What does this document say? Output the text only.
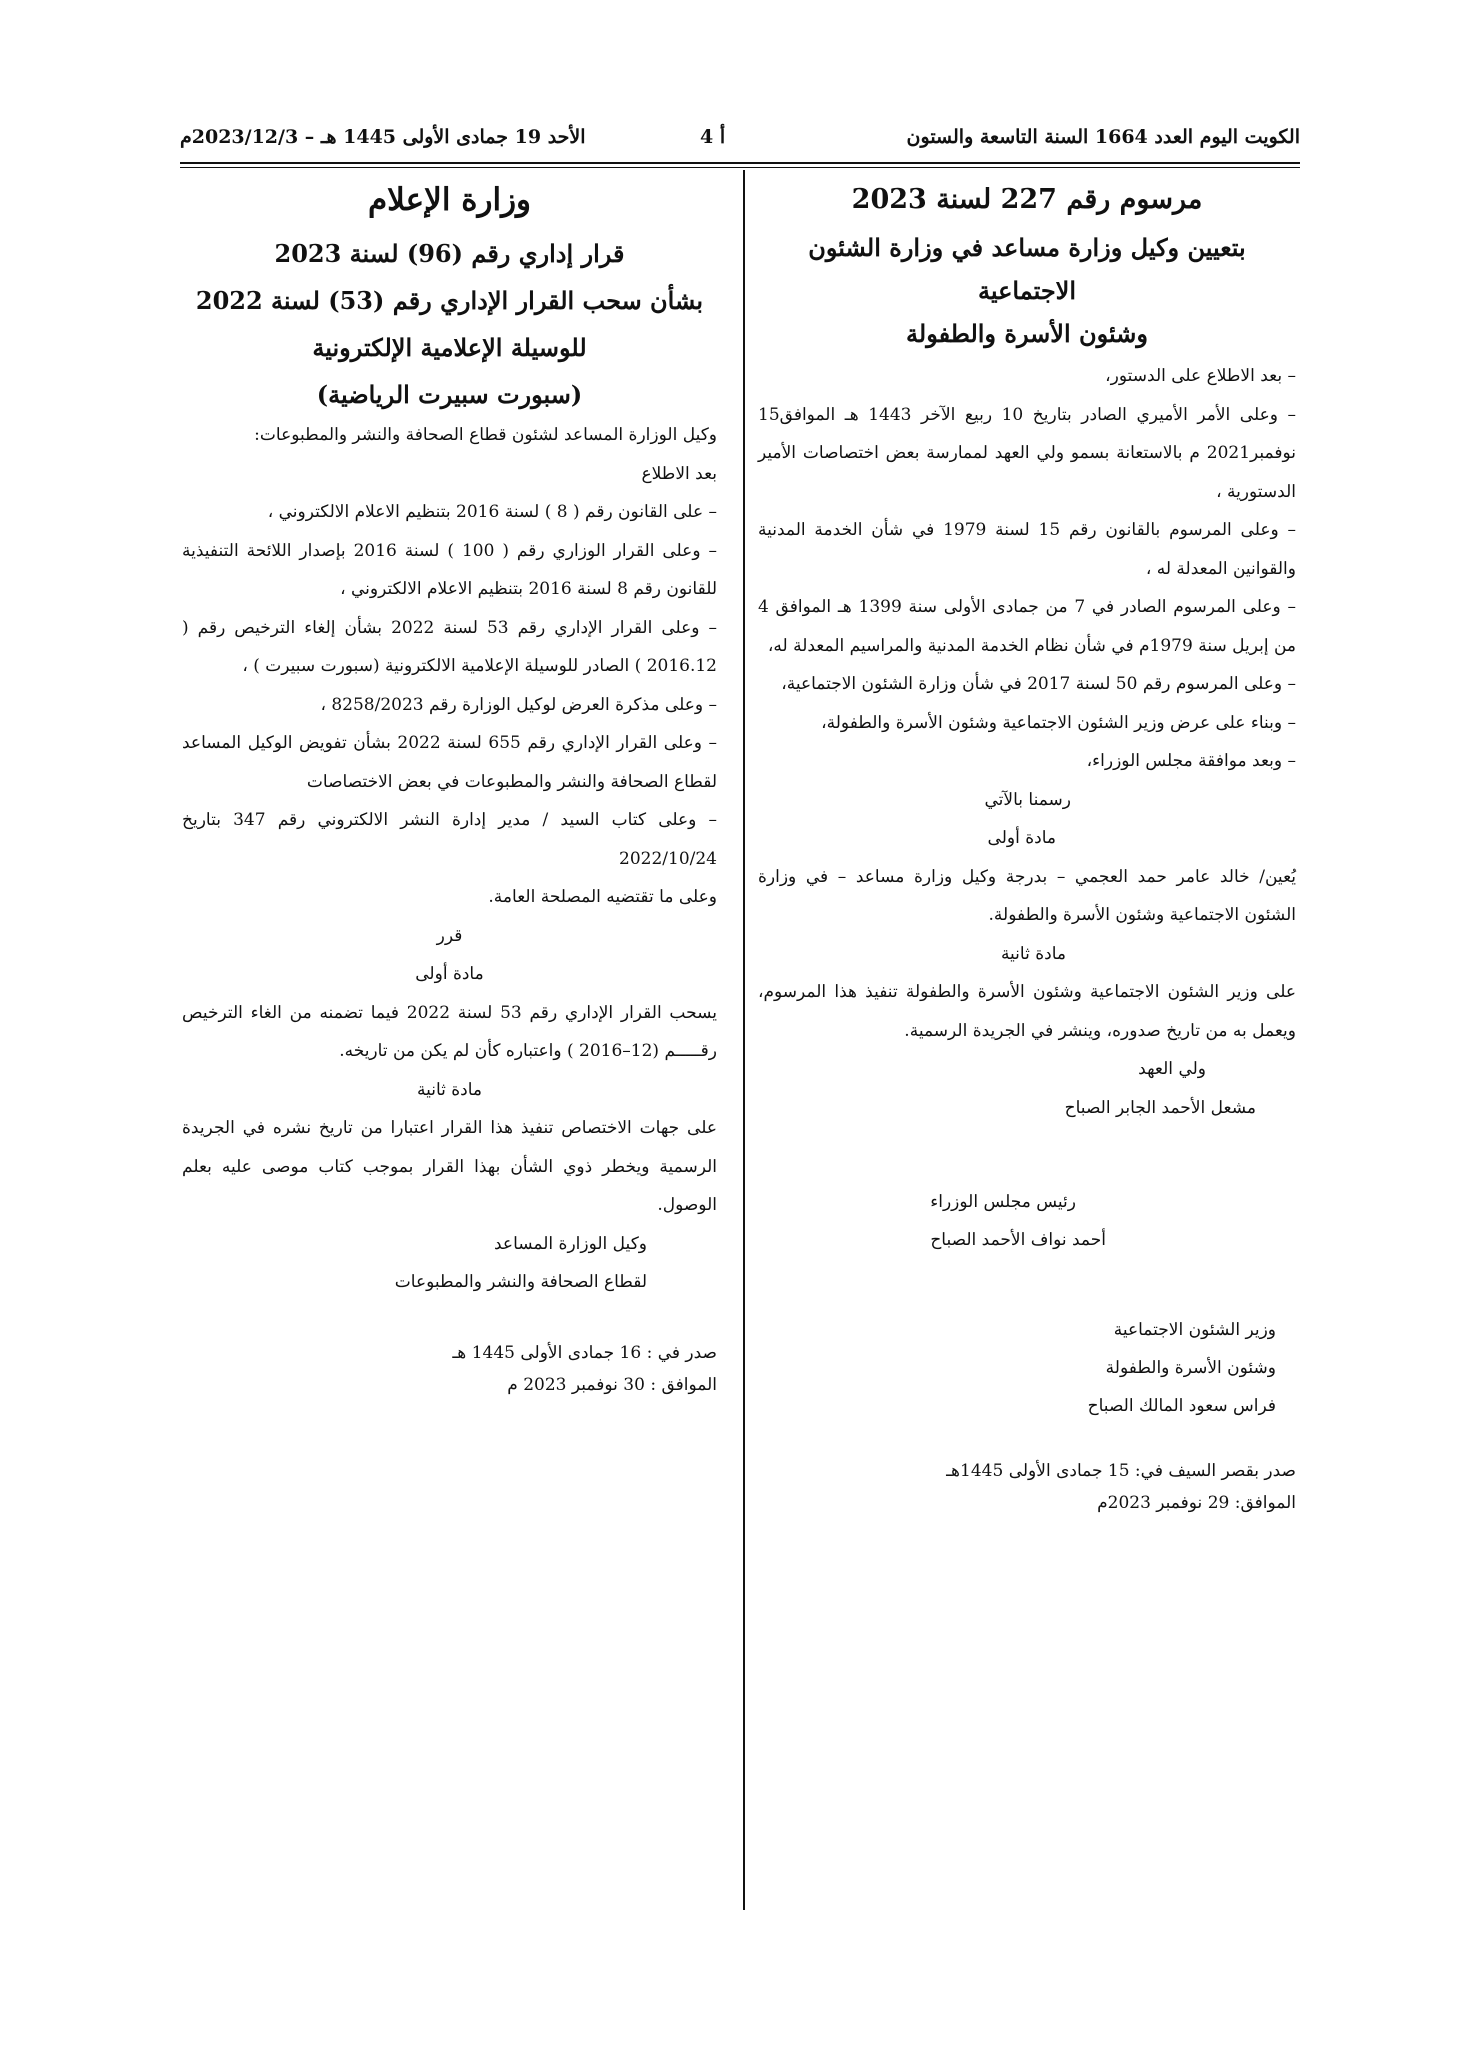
الكويت اليوم العدد 1664 السنة التاسعة والستون
أ 4
الأحد 19 جمادى الأولى 1445 هـ – 2023/12/3م
مرسوم رقم 227 لسنة 2023
بتعيين وكيل وزارة مساعد في وزارة الشئون الاجتماعية
وشئون الأسرة والطفولة

– بعد الاطلاع على الدستور،

– وعلى الأمر الأميري الصادر بتاريخ 10 ربيع الآخر 1443 هـ الموافق15 نوفمبر2021 م بالاستعانة بسمو ولي العهد لممارسة بعض اختصاصات الأمير الدستورية ،

– وعلى المرسوم بالقانون رقم 15 لسنة 1979 في شأن الخدمة المدنية والقوانين المعدلة له ،

– وعلى المرسوم الصادر في 7 من جمادى الأولى سنة 1399 هـ الموافق 4 من إبريل سنة 1979م في شأن نظام الخدمة المدنية والمراسيم المعدلة له،

– وعلى المرسوم رقم 50 لسنة 2017 في شأن وزارة الشئون الاجتماعية،

– وبناء على عرض وزير الشئون الاجتماعية وشئون الأسرة والطفولة،

– وبعد موافقة مجلس الوزراء،

رسمنا بالآتي

مادة أولى

يُعين/ خالد عامر حمد العجمي – بدرجة وكيل وزارة مساعد – في وزارة الشئون الاجتماعية وشئون الأسرة والطفولة.

مادة ثانية

على وزير الشئون الاجتماعية وشئون الأسرة والطفولة تنفيذ هذا المرسوم، ويعمل به من تاريخ صدوره، وينشر في الجريدة الرسمية.

ولي العهد

مشعل الأحمد الجابر الصباح

رئيس مجلس الوزراء

أحمد نواف الأحمد الصباح

وزير الشئون الاجتماعية

وشئون الأسرة والطفولة

فراس سعود المالك الصباح

صدر بقصر السيف في: 15 جمادى الأولى 1445هـ

الموافق: 29 نوفمبر 2023م

وزارة الإعلام
قرار إداري رقم (96) لسنة 2023
بشأن سحب القرار الإداري رقم (53) لسنة 2022
للوسيلة الإعلامية الإلكترونية
(سبورت سبيرت الرياضية)

وكيل الوزارة المساعد لشئون قطاع الصحافة والنشر والمطبوعات:

بعد الاطلاع

– على القانون رقم ( 8 ) لسنة 2016 بتنظيم الاعلام الالكتروني ،

– وعلى القرار الوزاري رقم ( 100 ) لسنة 2016 بإصدار اللائحة التنفيذية للقانون رقم 8 لسنة 2016 بتنظيم الاعلام الالكتروني ،

– وعلى القرار الإداري رقم 53 لسنة 2022 بشأن إلغاء الترخيص رقم ( 2016.12 ) الصادر للوسيلة الإعلامية الالكترونية (سبورت سبيرت ) ،

– وعلى مذكرة العرض لوكيل الوزارة رقم 8258/2023 ،

– وعلى القرار الإداري رقم 655 لسنة 2022 بشأن تفويض الوكيل المساعد لقطاع الصحافة والنشر والمطبوعات في بعض الاختصاصات

– وعلى كتاب السيد / مدير إدارة النشر الالكتروني رقم 347 بتاريخ 2022/10/24

وعلى ما تقتضيه المصلحة العامة.

قرر

مادة أولى

يسحب القرار الإداري رقم 53 لسنة 2022 فيما تضمنه من الغاء الترخيص رقـــــم (12–2016 ) واعتباره كأن لم يكن من تاريخه.

مادة ثانية

على جهات الاختصاص تنفيذ هذا القرار اعتبارا من تاريخ نشره في الجريدة الرسمية ويخطر ذوي الشأن بهذا القرار بموجب كتاب موصى عليه بعلم الوصول.

وكيل الوزارة المساعد

لقطاع الصحافة والنشر والمطبوعات

صدر في : 16 جمادى الأولى 1445 هـ

الموافق : 30 نوفمبر 2023 م
